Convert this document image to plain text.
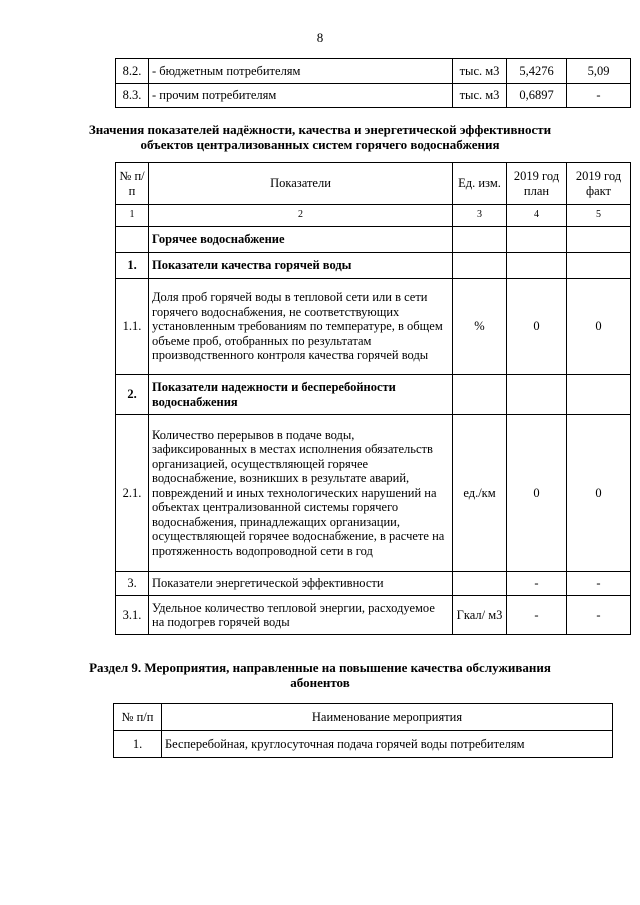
8
8.2.	- бюджетным потребителям	тыс. м3	5,4276	5,09
8.3.	- прочим потребителям	тыс. м3	0,6897	-
Значения показателей надёжности, качества и энергетической эффективности
объектов централизованных систем горячего водоснабжения
№ п/п	Показатели	Ед. изм.	2019 год план	2019 год факт
1	2	3	4	5
	Горячее водоснабжение			
1.	Показатели качества горячей воды			
1.1.	Доля проб горячей воды в тепловой сети или в сети горячего водоснабжения, не соответствующих установленным требованиям по температуре, в общем объеме проб, отобранных по результатам производственного контроля качества горячей воды	%	0	0
2.	Показатели надежности и бесперебойности водоснабжения			
2.1.	Количество перерывов в подаче воды, зафиксированных в местах исполнения обязательств организацией, осуществляющей горячее водоснабжение, возникших в результате аварий, повреждений и иных технологических нарушений на объектах централизованной системы горячего водоснабжения, принадлежащих организации, осуществляющей горячее водоснабжение, в расчете на протяженность водопроводной сети в год	ед./км	0	0
3.	Показатели энергетической эффективности		-	-
3.1.	Удельное количество тепловой энергии, расходуемое на подогрев горячей воды	Гкал/ м3	-	-
Раздел 9. Мероприятия, направленные на повышение качества обслуживания
абонентов
№ п/п	Наименование мероприятия
1.	Бесперебойная, круглосуточная подача горячей воды потребителям
